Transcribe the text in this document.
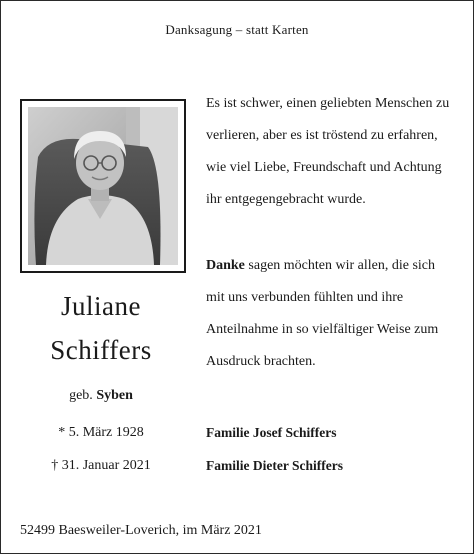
Danksagung – statt Karten
Juliane
Schiffers
geb. Syben
* 5. März 1928
† 31. Januar 2021
Es ist schwer, einen geliebten Menschen zu
verlieren, aber es ist tröstend zu erfahren,
wie viel Liebe, Freundschaft und Achtung
ihr entgegengebracht wurde.
Danke sagen möchten wir allen, die sich
mit uns verbunden fühlten und ihre
Anteilnahme in so vielfältiger Weise zum
Ausdruck brachten.
Familie Josef Schiffers
Familie Dieter Schiffers
52499 Baesweiler-Loverich, im März 2021
